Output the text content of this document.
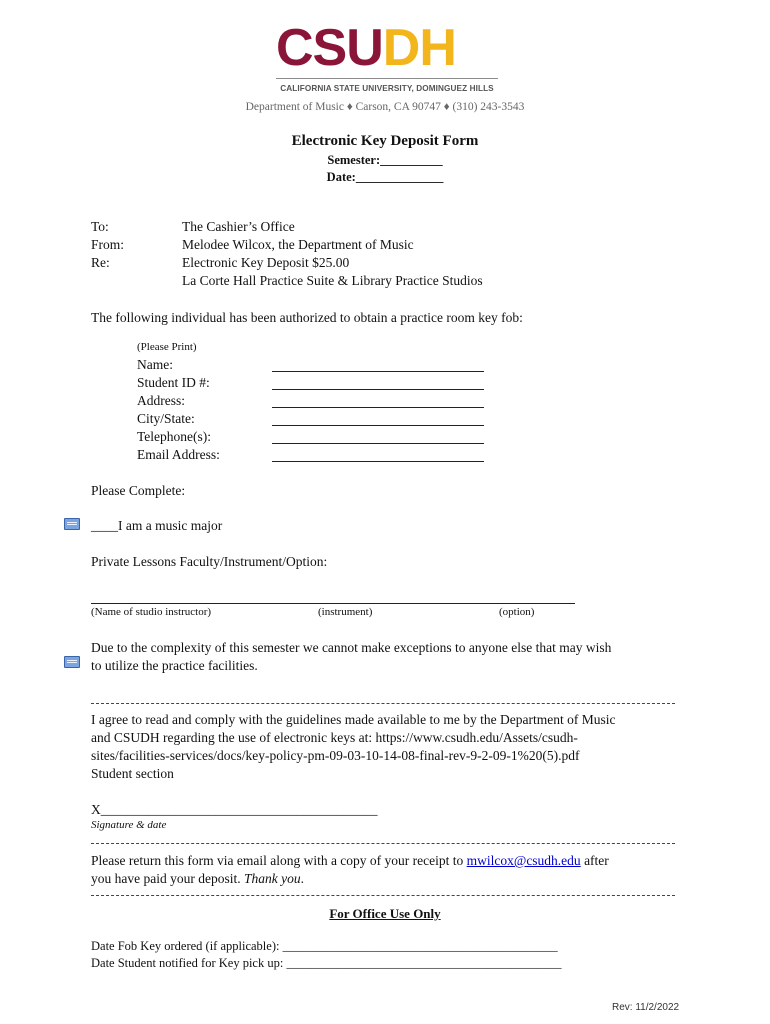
CSUDH
CALIFORNIA STATE UNIVERSITY, DOMINGUEZ HILLS
Department of Music ♦ Carson, CA 90747 ♦ (310) 243-3543
Electronic Key Deposit Form
Semester:__________
Date:______________
To:	The Cashier’s Office
From:	Melodee Wilcox, the Department of Music
Re:	Electronic Key Deposit $25.00
La Corte Hall Practice Suite & Library Practice Studios
The following individual has been authorized to obtain a practice room key fob:
(Please Print)
Name:
Student ID #:
Address:
City/State:
Telephone(s):
Email Address:
Please Complete:
____I am a music major
Private Lessons Faculty/Instrument/Option:
(Name of studio instructor)	(instrument)	(option)
Due to the complexity of this semester we cannot make exceptions to anyone else that may wish
to utilize the practice facilities.
I agree to read and comply with the guidelines made available to me by the Department of Music
and CSUDH regarding the use of electronic keys at: https://www.csudh.edu/Assets/csudh-
sites/facilities-services/docs/key-policy-pm-09-03-10-14-08-final-rev-9-2-09-1%20(5).pdf
Student section
X_________________________________________
Signature & date
Please return this form via email along with a copy of your receipt to mwilcox@csudh.edu after
you have paid your deposit. Thank you.
For Office Use Only
Date Fob Key ordered (if applicable): ____________________________________________
Date Student notified for Key pick up: ____________________________________________
Rev: 11/2/2022
